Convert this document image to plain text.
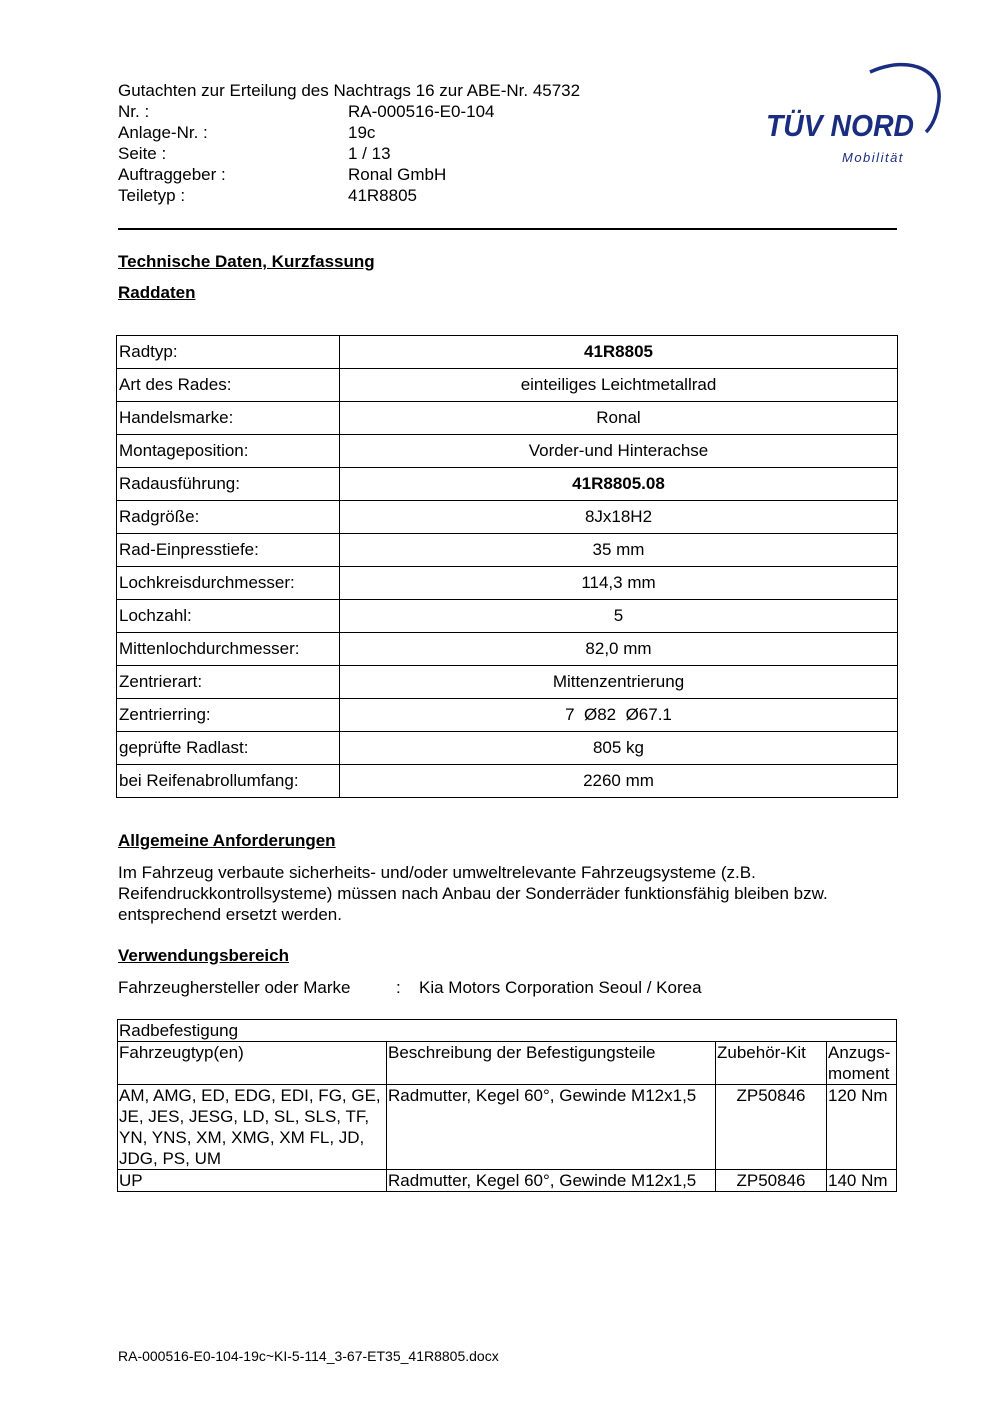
Gutachten zur Erteilung des Nachtrags 16 zur ABE-Nr. 45732
Nr. :	RA-000516-E0-104
Anlage-Nr. :	19c
Seite :	1 / 13
Auftraggeber :	Ronal GmbH
Teiletyp :	41R8805
TÜV NORD
Mobilität
Technische Daten, Kurzfassung
Raddaten
Radtyp:	41R8805
Art des Rades:	einteiliges Leichtmetallrad
Handelsmarke:	Ronal
Montageposition:	Vorder-und Hinterachse
Radausführung:	41R8805.08
Radgröße:	8Jx18H2
Rad-Einpresstiefe:	35 mm
Lochkreisdurchmesser:	114,3 mm
Lochzahl:	5
Mittenlochdurchmesser:	82,0 mm
Zentrierart:	Mittenzentrierung
Zentrierring:	7  Ø82  Ø67.1
geprüfte Radlast:	805 kg
bei Reifenabrollumfang:	2260 mm
Allgemeine Anforderungen
Im Fahrzeug verbaute sicherheits- und/oder umweltrelevante Fahrzeugsysteme (z.B. Reifendruckkontrollsysteme) müssen nach Anbau der Sonderräder funktionsfähig bleiben bzw. entsprechend ersetzt werden.
Verwendungsbereich
Fahrzeughersteller oder Marke	: Kia Motors Corporation Seoul / Korea
Radbefestigung			
Fahrzeugtyp(en)	Beschreibung der Befestigungsteile	Zubehör-Kit	Anzugs-moment
AM, AMG, ED, EDG, EDI, FG, GE, JE, JES, JESG, LD, SL, SLS, TF, YN, YNS, XM, XMG, XM FL, JD, JDG, PS, UM	Radmutter, Kegel 60°, Gewinde M12x1,5	ZP50846	120 Nm
UP	Radmutter, Kegel 60°, Gewinde M12x1,5	ZP50846	140 Nm
RA-000516-E0-104-19c~KI-5-114_3-67-ET35_41R8805.docx
